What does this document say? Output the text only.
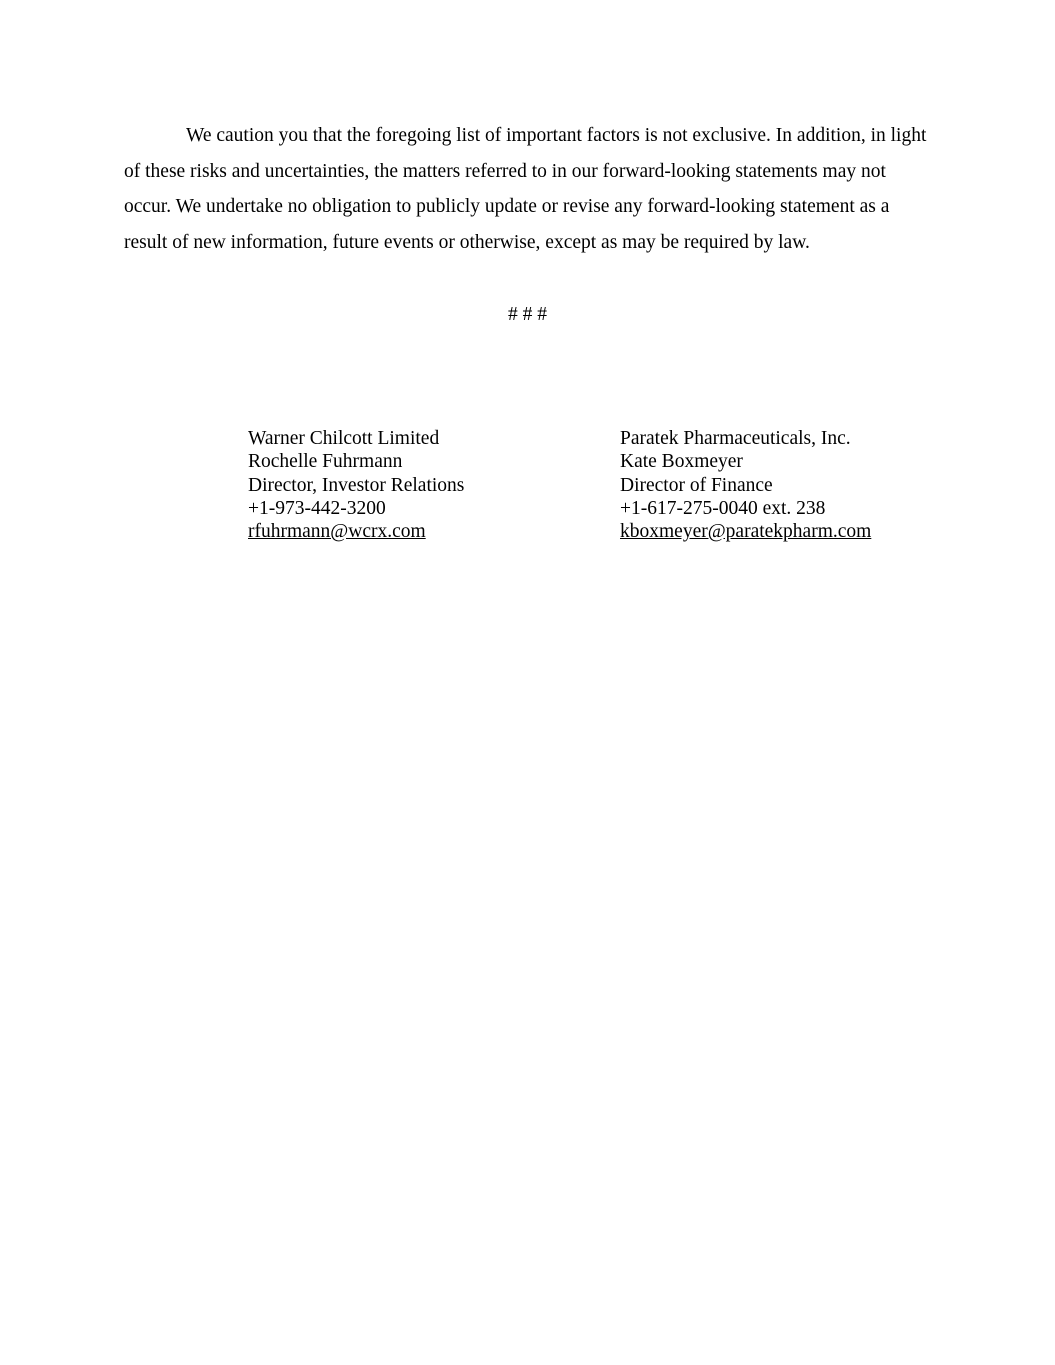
We caution you that the foregoing list of important factors is not exclusive. In addition, in light of these risks and uncertainties, the matters referred to in our forward-looking statements may not occur. We undertake no obligation to publicly update or revise any forward-looking statement as a result of new information, future events or otherwise, except as may be required by law.

# # #

Warner Chilcott Limited
Rochelle Fuhrmann
Director, Investor Relations
+1-973-442-3200
rfuhrmann@wcrx.com
Paratek Pharmaceuticals, Inc.
Kate Boxmeyer
Director of Finance
+1-617-275-0040 ext. 238
kboxmeyer@paratekpharm.com
